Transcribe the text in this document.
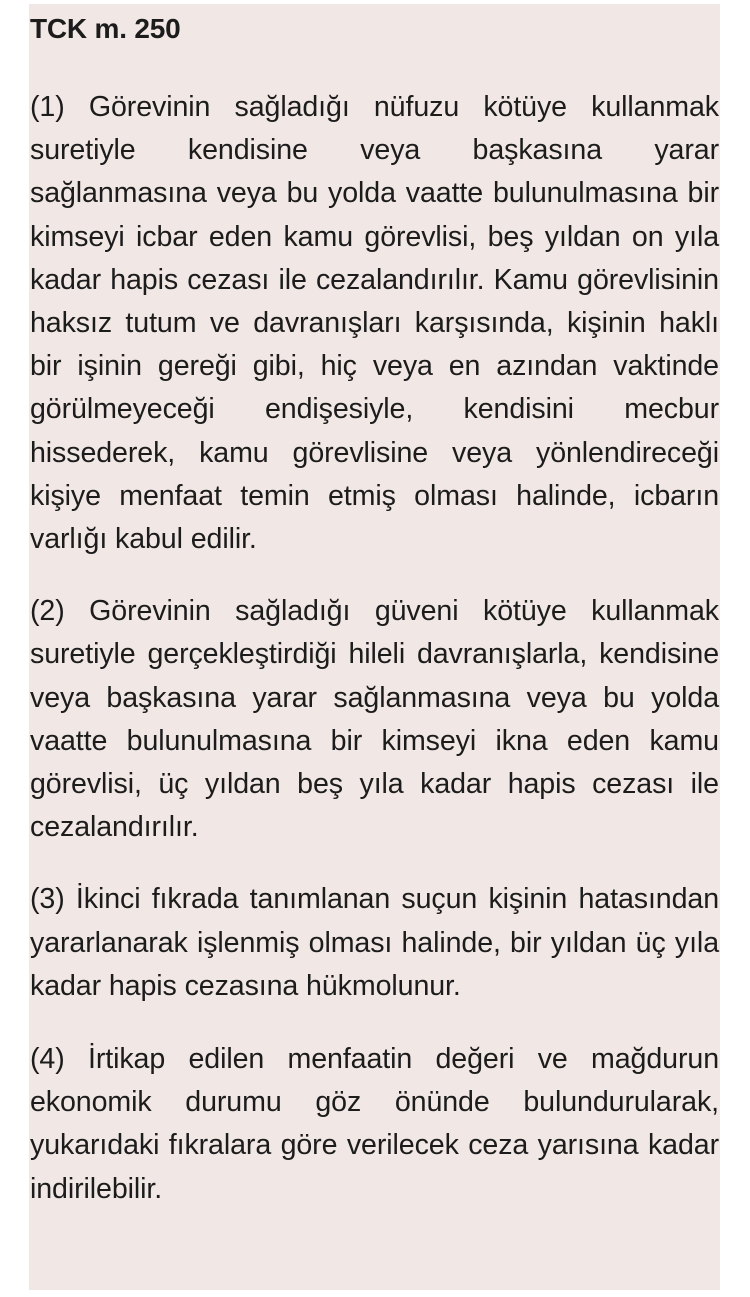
TCK m. 250

(1) Görevinin sağladığı nüfuzu kötüye kullanmak suretiyle kendisine veya başkasına yarar sağlanmasına veya bu yolda vaatte bulunulmasına bir kimseyi icbar eden kamu görevlisi, beş yıldan on yıla kadar hapis cezası ile cezalandırılır. Kamu görevlisinin haksız tutum ve davranışları karşısında, kişinin haklı bir işinin gereği gibi, hiç veya en azından vaktinde görülmeyeceği endişesiyle, kendisini mecbur hissederek, kamu görevlisine veya yönlendireceği kişiye menfaat temin etmiş olması halinde, icbarın varlığı kabul edilir.

(2) Görevinin sağladığı güveni kötüye kullanmak suretiyle gerçekleştirdiği hileli davranışlarla, kendisine veya başkasına yarar sağlanmasına veya bu yolda vaatte bulunulmasına bir kimseyi ikna eden kamu görevlisi, üç yıldan beş yıla kadar hapis cezası ile cezalandırılır.

(3) İkinci fıkrada tanımlanan suçun kişinin hatasından yararlanarak işlenmiş olması halinde, bir yıldan üç yıla kadar hapis cezasına hükmolunur.

(4) İrtikap edilen menfaatin değeri ve mağdurun ekonomik durumu göz önünde bulundurularak, yukarıdaki fıkralara göre verilecek ceza yarısına kadar indirilebilir.
